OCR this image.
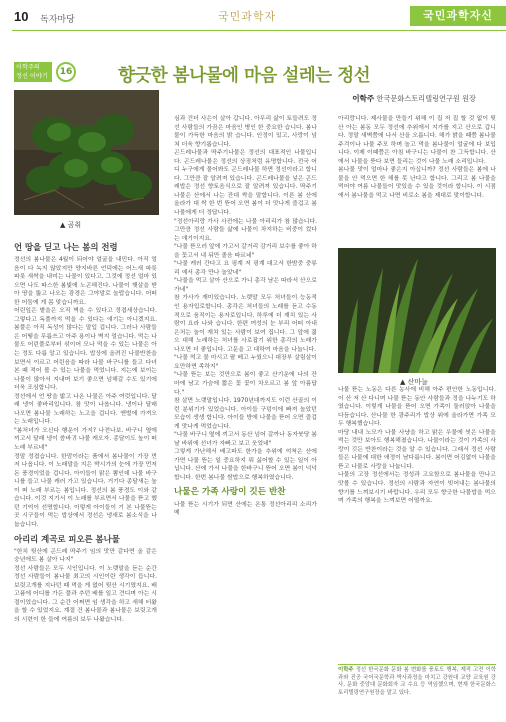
10 독자마당	국민과학자	국민과학자신
이학주의
정선 이야기	16	향긋한 봄나물에 마음 설레는 정선
이학주 한국문화스토리텔링연구원 원장
▲ 곰취
언 땅을 딛고 나는 봄의 전령

정선의 봄나물은 4월이 되어야 얼굴을 내민다. 아직 얼음이 다 녹지 않았지만 양지바른 언덕에는 어느새 파릇파릇 새싹을 내미는 나물이 있다고. 그것에 정선 얼마 있으면 나도 따스한 봄빛에 노곤해진다. 나물이 햇살을 받아 땅을 뚫고 나오는 광경은 그야말로 놀랍습니다. 어떠한 어둠에 게 몸 맞습니까요.

어린잎은 볕을은 오직 벽을 수 있다고 정겹세상습니다. 그렇다고 독풀까지 먹을 수 있다는 얘기는 아니겠지요. 봄풀은 아직 독성이 많다는 말입 겁니다. 그러나 사람들은 어떻을 무릅쓰고 아주 용이나 벽지 얼습니다. 먹는 나물도 어린풀로부터 섞이어 모나 먹을 수 있는 나물은 아는 정도 다릅 알고 있습니다. 밥상에 올려진 나물반찬을 보면서 이르고 어린음을 따라 나물 바구니를 들고 다녀본 때 적어 볼 수 있는 나물을 먹었니다. 지는에 보이는 나물이 많아서 지내며 보기 좋으면 넘해갈 수도 있기에 더욱 조심합니다.

정선에서 언 땅을 밟고 나온 나물은 아주 여럿입니다. 달래 냉이 좋바리입니다. 참 맛이 나옵니다. 냉이나 달래 나오면 봄나물 노래하는 노고을 겁니다. 앤벌에 가져오는 노래입니다.

"봄처녀가 오신다 행운이 가지? 나전나보. 바구니 옆에 끼고서 달래 냉이 씀바귀 나물 캐오자. 종달이도 높이 떠 노래 부르네"

정말 정겹습니다. 한맘이라는 품에서 봄나물이 가장 먼저 나옵니다. 이 노래말을 지은 박시가의 눈에 가장 먼저 돈 풍경이었을 겁니다. 아이들이 맑은 뽐인데 나물 바구니를 들고 나물 캐러 가고 있습니다. 거기다 종달새는 높이 떠 노래 부르는 봄입니다. 정선의 봄 풍경도 이와 같습니다. 이것 지기서 이 노래를 부르면서 나물을 뜯고 했던 기억이 선명합니다. 이렇게 아이들이 기 본 나물뜯는 곳 시구들이 먹는 밥상에서 정선은 냉새로 봄소식을 나눕습니다.

아리리 계곡로 피오른 봄나물

"한치 뒷산에 곤드레 딱주기 임의 맛만 같다면 올 같은 숭년에도 봄 살아 나지"

정선 사람들은 모두 시인입니다. 이 노랫말을 듣는 순간 정선 사람들이 봄나물 최고의 시인이란 생각이 듭니다. 보릿고개를 지나던 때 먹을 게 없어 뒷산 시기였지요. 배고픔에 어디를 가든 풀과 추던 배를 일고 견디며 아는 시절이었습니다. 그 순간 어쩌면 임 생각을 하고 새해 터왔을 할 수 있었지요. 계절 건 봄나물과 봄나물은 보릿고개의 시련이 한 들에 여름의 보두 나왔습니다.

심과 건더 사은이 살아 갑니다. 아무리 삶이 토들려도 정선 사람들의 가끔은 마음인 병인 한 중요한 습니다. 봄나물이 가득한 마음의 밝 습니다. 인정이 있고, 사랑이 넘쳐 더욱 향기롭습니다.

곤드레나물과 딱주기나물은 정선의 대표적인 나물입니다. 곤드레나물은 정선의 상징처럼 유명합니다. 전국 어디 누구에게 물어봐도 곤드레나물 하면 정선이라고 합니다. 그만큼 잘 알려져 있습니다. 곤드레나물을 넣은 곤드레밥은 정선 향토음식으로 잘 알려져 있습니다. 딱주기나물은 산에서 나는 잔대 싹을 말합니다. 이른 봄 산에 올라가 대 싹 한 번 뜯어 오면 봄이 더 맛나게 즐겁고 봄나물에게 더 정답니다.

"정선아리랑 가사 사전에는 나물 아리리가 참 많습니다. 그만큼 정선 사람들 삶에 나물이 차지하는 비중이 컸다는 얘기이지요.

"나물 뜯으러 앞에 가고서 갈거리 감거리 보수를 좋아 하을 꽃고서 내 뒤만 졸음 따르네"

"나물 캐러 간다고 요 핑계 저 핑계 대고서 한밤중 중류리 예서 총각 만나 놀았네"

"나물을 먹고 살아 산으로 가니 총각 남은 따라서 산으로 가네"

참 가사가 재미있습니다. 노랫말 모두 처녀들이 능동적인 용자입로합니다. 총각은 처녀들의 노래를 듣고 수동적으로 움직이는 용자로입니다. 하루에 더 재치 있는 사람이 요라 나와 습니다. 한편 여성의 눈 부리 어떠 아내 은처는 놀이 재치 있는 사람이 보여 집니다. 그 앞에 젊으 대해 노래하는 처녀를 사로잡기 위한 총각의 노래가 나오면 더 좋입니다. 고문을 고 대하여 마음을 나눕니다.

"나물 먹고 물 마시고 팔 베고 누웠으니 대장부 살림살이 요만하면 족하지"

"나물 뜯는 보는 것만으로 봄이 좋고 산기운에 나의 잔 마에 남고 가슴에 짧은 꽃 꽃이 차오르고 봄 앞 아름답다."

참 살면 노랫말입니다. 1970년대까지도 이런 산골의 이런 분위기가 있었습니다. 아이들 구덩이에 빠져 놀았던 모습이 생생 합니다. 아이들 방에 나물을 뜯어 오면 즐겁게 맛나게 먹었습니다.

"나물 바구니 옆에 끼고서 동산 넘어 갈까나 동자붓당 봄날 바위에 선녀가 자빠고 보고 웃었네"

그렇게 가난해서 배고파도 한가을 추위에 억척은 산에 가면 나물 뜯는 일 중요하지 뭐 싫어할 수 있는 일이 아닙니다. 산에 가서 나물을 한바구니 뜯어 오면 봄이 넉넉합니다. 한번 봄나물 쌈밥으로 행복하였습니다.

나물은 가족 사랑이 깃든 반찬

나물 뜯는 시기가 되면 산에는 온통 정선아리리 소리가 메

아리랑니다. 제사물을 만들기 위해 이 집 저 집 할 것 없이 뒷산 아는 봄동 모두 정선에 추위에서 지가를 지고 산으로 갑니다. 정말 새벽쯤에 나서 산을 오릅니다. 해가 밝을 때쯤 봄나물 주걱이나 나물 주모 하며 놀고 먹을 봄나물이 얼굴에 다 보입니다. 이제 이때쯤은 아침 바구니는 나물이 찬 그득합니다. 산에서 나물을 뜯다 보면 들리는 것이 나물 노래 소리입니다.

봄나물 맛이 얼마나 좋은지 아십니까? 정선 사람들은 봄에 나물을 안 먹으면 한 해를 못 난다고 합니다. 그리고 봄 나물을 먹어야 여름 나물들이 맛있을 수 있을 것이라 합니다. 이 시점에서 봄나물을 먹고 나면 비로소 봄을 제대로 맞이합니다.

▲ 산마늘

나물 뜯는 노동은 다른 농사에 비해 아주 편안한 노동입니다. 이 산 저 산 다니며 나물 뜯는 동안 사람들과 정을 나누기도 하였습니다. 이렇게 나물을 뜯어 오면 가족이 둘러앉아 나물을 다듬습니다. 산나물 한 광주리가 밥상 위에 올라가면 가족 모두 행복했습니다.

마당 내내 노모가 나물 사냥을 하고 맑은 우물에 씻은 나물을 먹는 것만 보아도 행복해졌습니다. 나물이라는 것이 가족의 사랑이 깃든 반찬이라는 것을 알 수 있습니다. 그래서 정선 사람들은 나물에 대한 애정이 남다릅니다. 봄이면 어김없이 나물을 뜯고 나물로 사랑을 나눕니다.

나물의 고장 정선에서는 정성과 고요함으로 봄나물을 만나고 맛볼 수 있습니다. 정선의 사람과 자연이 빚어내는 봄나물의 향기를 느껴보시기 바랍니다. 우리 모두 향긋한 나물밥을 먹으며 가족의 행복을 느껴보면 어떨까요.

이학주 정선 한국문화 문화 봄 변화를 풍토도 행복, 제적 고전 이학과와 진공 국어국문학과 박사과정을 마치고 강원대 교양 교육원 강사, 문화 중앙대 문화회자 교 수요 등 역임했으며, 현재 한국문화스토리텔링연구원장을 맡고 있다.
